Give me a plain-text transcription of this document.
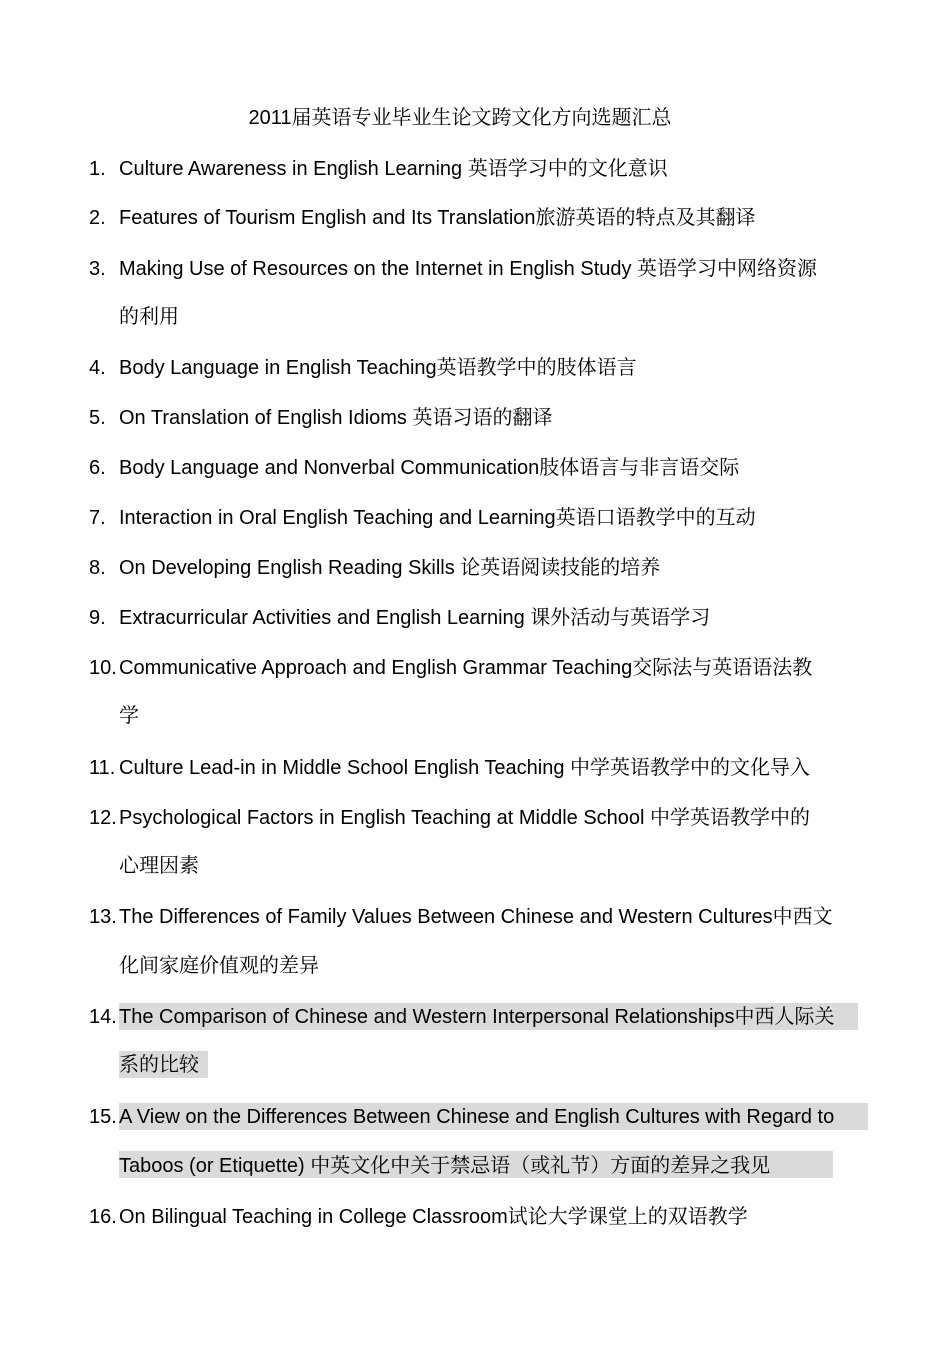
2011届英语专业毕业生论文跨文化方向选题汇总
1. Culture Awareness in English Learning 英语学习中的文化意识
2. Features of Tourism English and Its Translation旅游英语的特点及其翻译
3. Making Use of Resources on the Internet in English Study 英语学习中网络资源
的利用
4. Body Language in English Teaching英语教学中的肢体语言
5. On Translation of English Idioms 英语习语的翻译
6. Body Language and Nonverbal Communication肢体语言与非言语交际
7. Interaction in Oral English Teaching and Learning英语口语教学中的互动
8. On Developing English Reading Skills 论英语阅读技能的培养
9. Extracurricular Activities and English Learning 课外活动与英语学习
10. Communicative Approach and English Grammar Teaching交际法与英语语法教
学
11. Culture Lead-in in Middle School English Teaching 中学英语教学中的文化导入
12. Psychological Factors in English Teaching at Middle School 中学英语教学中的
心理因素
13. The Differences of Family Values Between Chinese and Western Cultures中西文
化间家庭价值观的差异
14. The Comparison of Chinese and Western Interpersonal Relationships中西人际关
系的比较
15. A View on the Differences Between Chinese and English Cultures with Regard to
Taboos (or Etiquette) 中英文化中关于禁忌语（或礼节）方面的差异之我见
16. On Bilingual Teaching in College Classroom试论大学课堂上的双语教学
